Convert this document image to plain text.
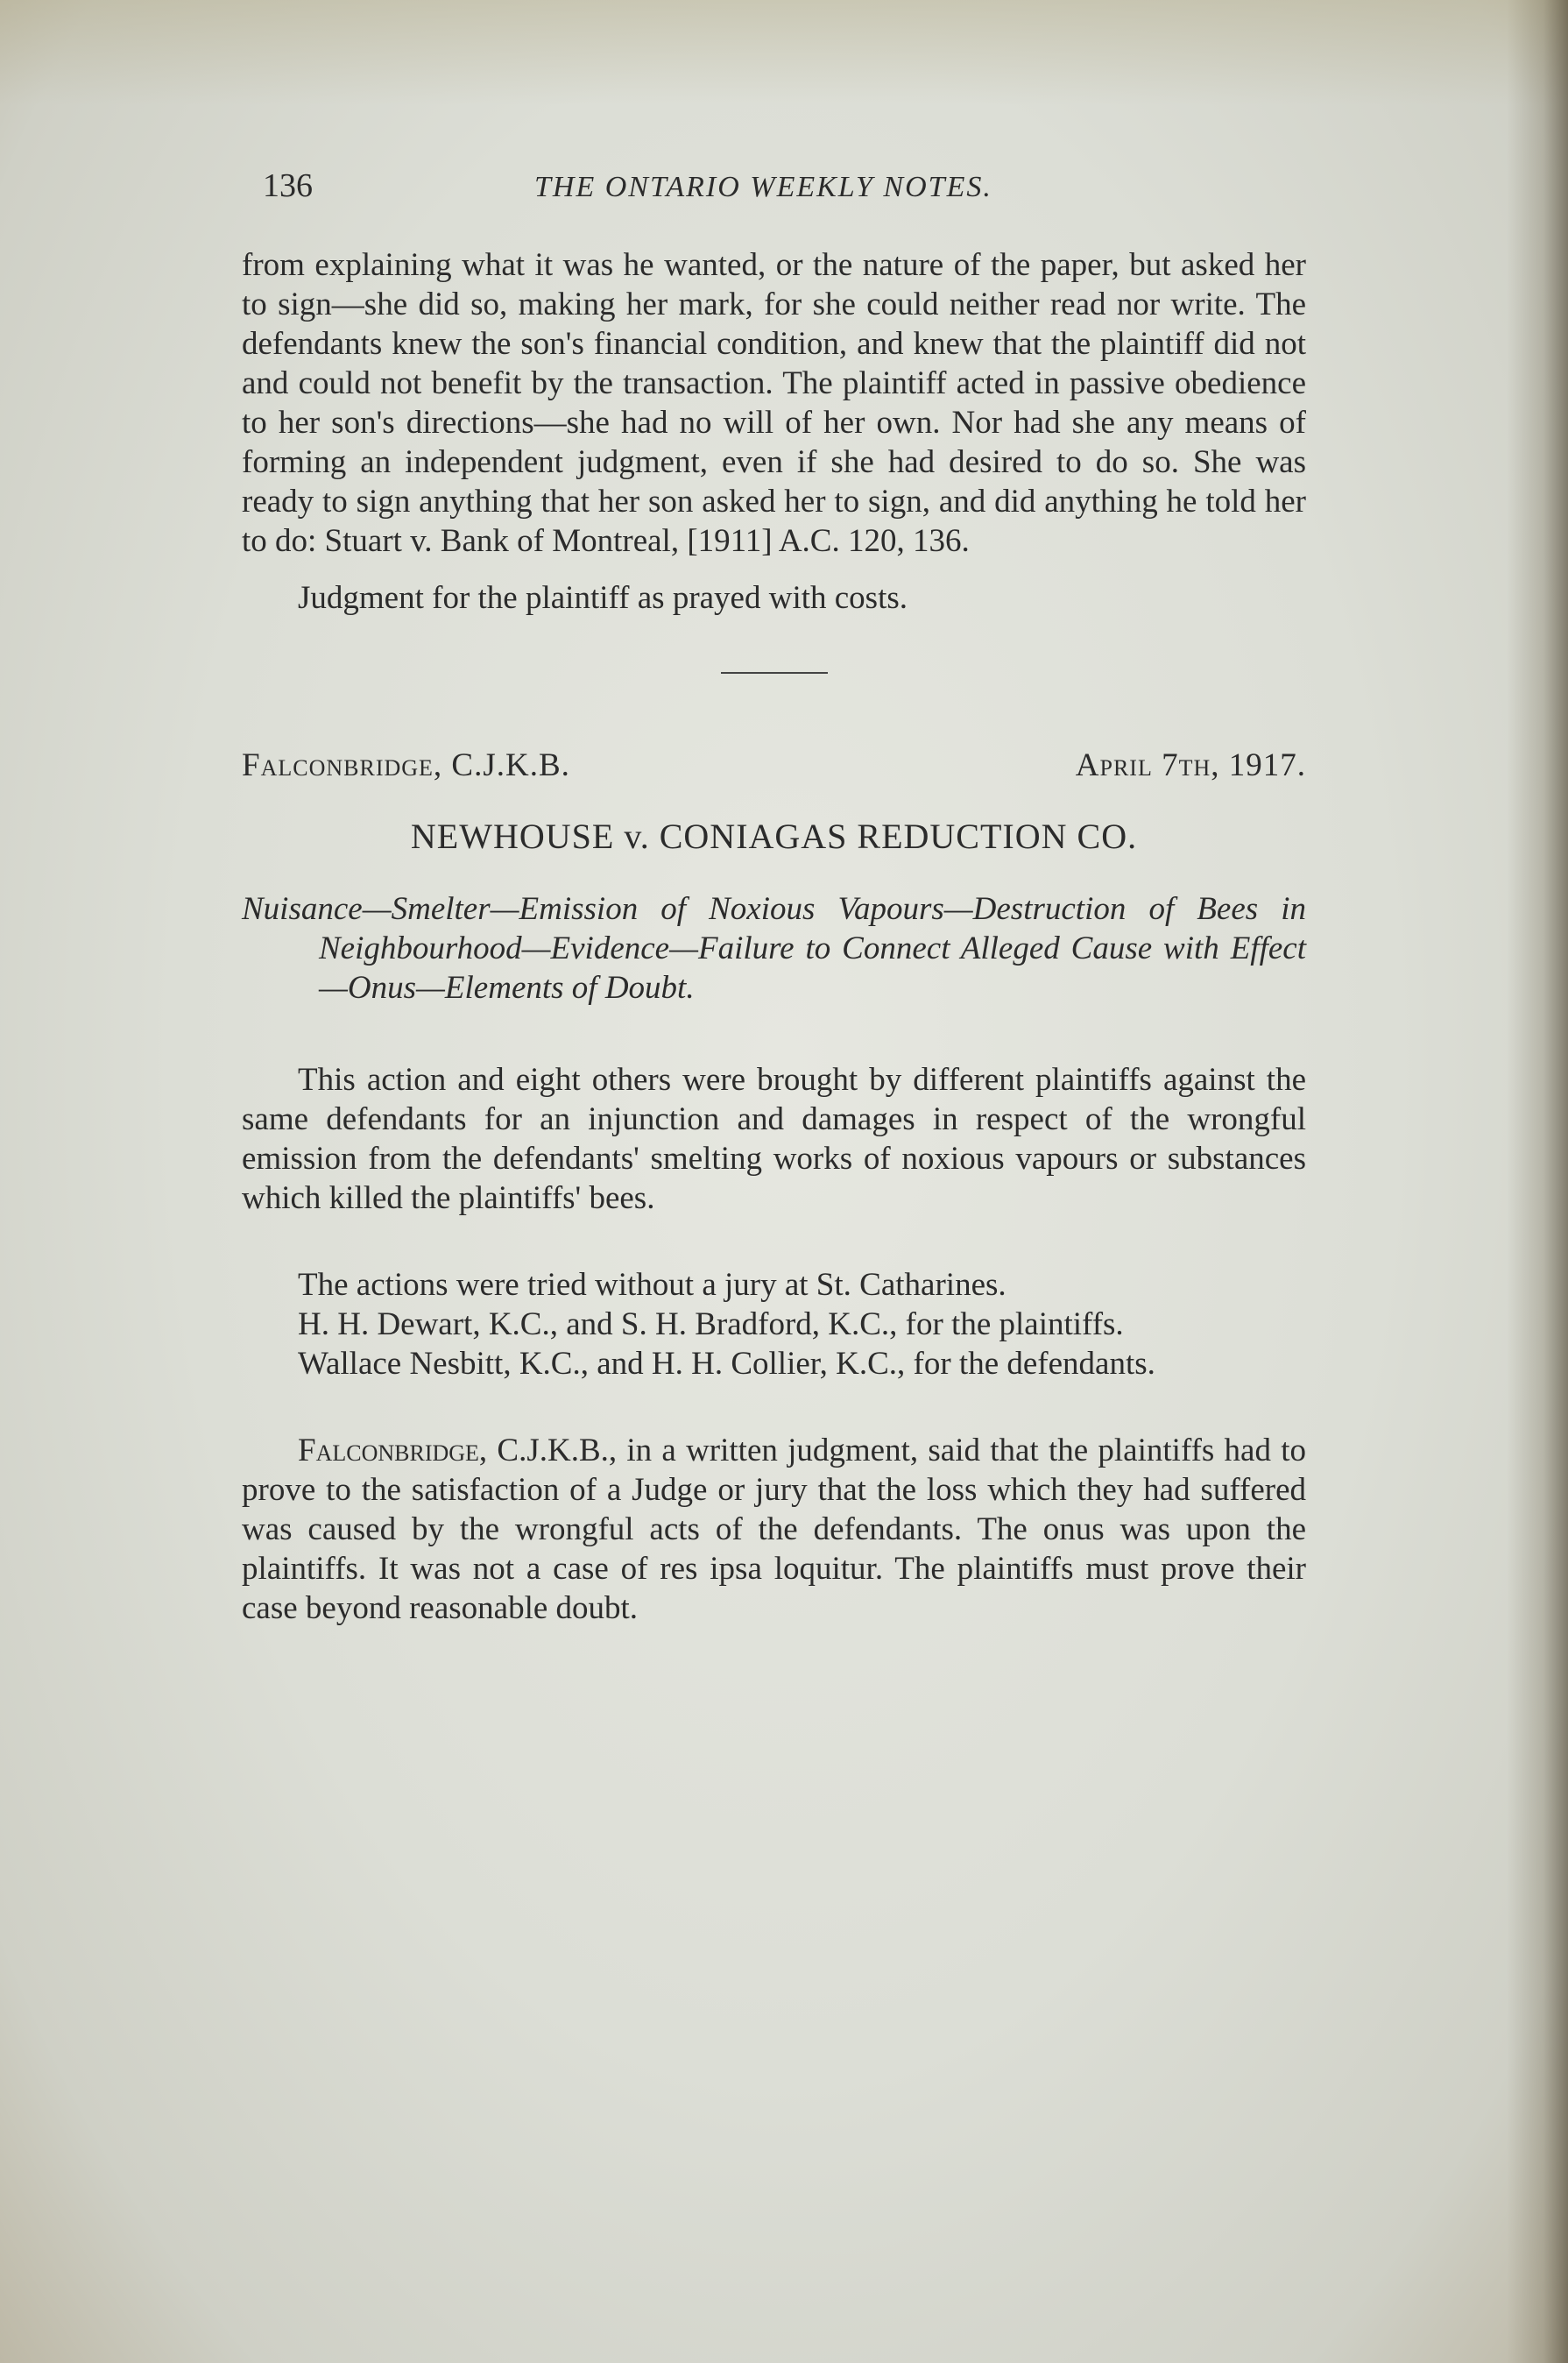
136	THE ONTARIO WEEKLY NOTES.

from explaining what it was he wanted, or the nature of the paper, but asked her to sign—she did so, making her mark, for she could neither read nor write. The defendants knew the son's financial condition, and knew that the plaintiff did not and could not benefit by the transaction. The plaintiff acted in passive obedience to her son's directions—she had no will of her own. Nor had she any means of forming an independent judgment, even if she had desired to do so. She was ready to sign anything that her son asked her to sign, and did anything he told her to do: Stuart v. Bank of Montreal, [1911] A.C. 120, 136.

Judgment for the plaintiff as prayed with costs.

Falconbridge, C.J.K.B.	April 7th, 1917.
NEWHOUSE v. CONIAGAS REDUCTION CO.
Nuisance—Smelter—Emission of Noxious Vapours—Destruction of Bees in Neighbourhood—Evidence—Failure to Connect Alleged Cause with Effect—Onus—Elements of Doubt.

This action and eight others were brought by different plaintiffs against the same defendants for an injunction and damages in respect of the wrongful emission from the defendants' smelting works of noxious vapours or substances which killed the plaintiffs' bees.

The actions were tried without a jury at St. Catharines.

H. H. Dewart, K.C., and S. H. Bradford, K.C., for the plaintiffs.

Wallace Nesbitt, K.C., and H. H. Collier, K.C., for the defendants.

Falconbridge, C.J.K.B., in a written judgment, said that the plaintiffs had to prove to the satisfaction of a Judge or jury that the loss which they had suffered was caused by the wrongful acts of the defendants. The onus was upon the plaintiffs. It was not a case of res ipsa loquitur. The plaintiffs must prove their case beyond reasonable doubt.
